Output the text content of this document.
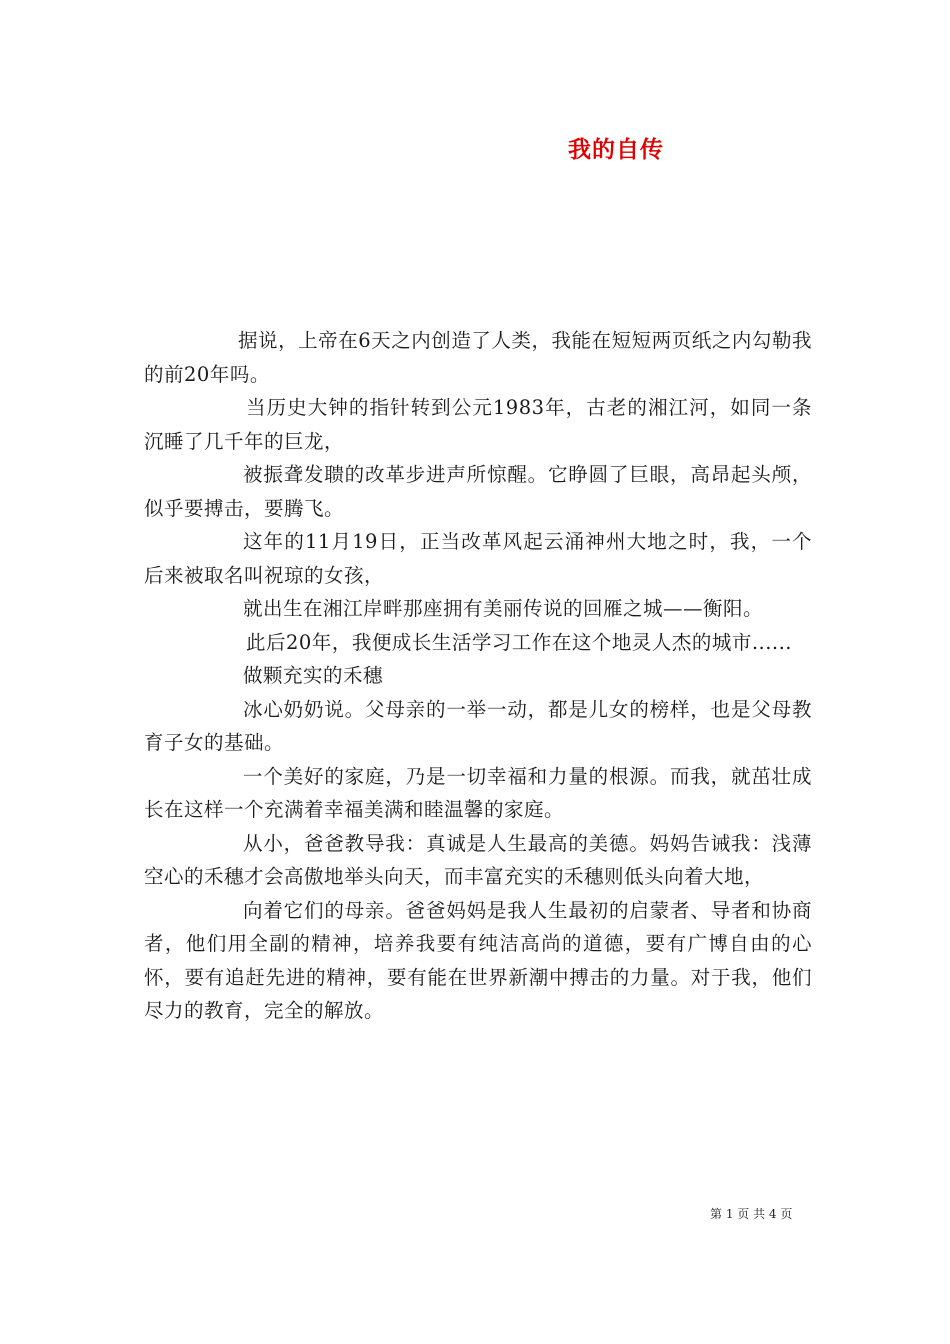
我的自传

据说，上帝在6天之内创造了人类，我能在短短两页纸之内勾勒我的前20年吗。

当历史大钟的指针转到公元1983年，古老的湘江河，如同一条沉睡了几千年的巨龙，

被振聋发聩的改革步进声所惊醒。它睁圆了巨眼，高昂起头颅，似乎要搏击，要腾飞。

这年的11月19日，正当改革风起云涌神州大地之时，我，一个后来被取名叫祝琼的女孩，

就出生在湘江岸畔那座拥有美丽传说的回雁之城——衡阳。

此后20年，我便成长生活学习工作在这个地灵人杰的城市......

做颗充实的禾穗

冰心奶奶说。父母亲的一举一动，都是儿女的榜样，也是父母教育子女的基础。

一个美好的家庭，乃是一切幸福和力量的根源。而我，就茁壮成长在这样一个充满着幸福美满和睦温馨的家庭。

从小，爸爸教导我：真诚是人生最高的美德。妈妈告诫我：浅薄空心的禾穗才会高傲地举头向天，而丰富充实的禾穗则低头向着大地，

向着它们的母亲。爸爸妈妈是我人生最初的启蒙者、导者和协商者，他们用全副的精神，培养我要有纯洁高尚的道德，要有广博自由的心怀，要有追赶先进的精神，要有能在世界新潮中搏击的力量。对于我，他们尽力的教育，完全的解放。

第 1 页 共 4 页
